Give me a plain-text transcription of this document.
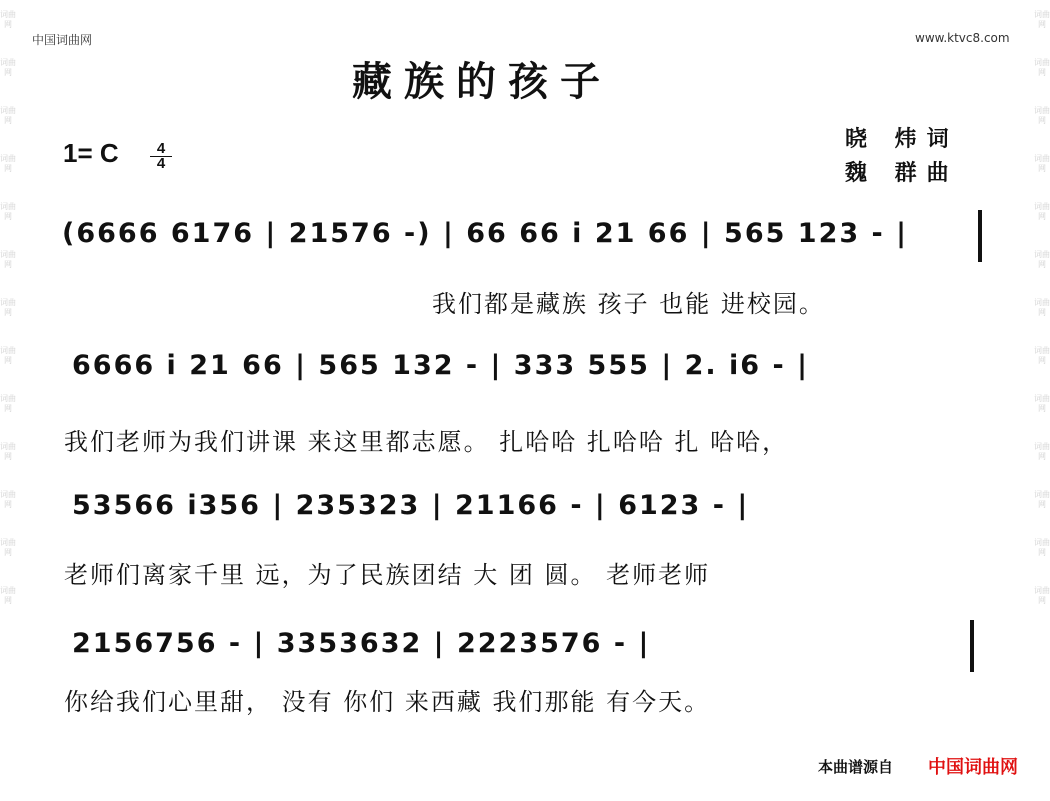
词曲网
词曲网
词曲网
词曲网
词曲网
词曲网
词曲网
词曲网
词曲网
词曲网
词曲网
词曲网
词曲网
词曲网
词曲网
词曲网
词曲网
词曲网
词曲网
词曲网
词曲网
词曲网
词曲网
词曲网
词曲网
词曲网
中国词曲网	www.ktvc8.com
藏族的孩子
1= C $\frac{4}{4}$
晓 炜词
魏 群曲
(6666 6176 | 21576 -) | 66 66 i 21 66 | 565 123 - |
我们都是藏族 孩子 也能 进校园。
6666 i 21 66 | 565 132 - | 333 555 | 2. i6 - |
我们老师为我们讲课 来这里都志愿。 扎哈哈 扎哈哈 扎 哈哈，
53566 i356 | 235323 | 21166 - | 6123 - |
老师们离家千里 远，为了民族团结 大 团 圆。 老师老师
2156756 - | 3353632 | 2223576 - |
你给我们心里甜， 没有 你们 来西藏 我们那能 有今天。
本曲谱源自 中国词曲网
